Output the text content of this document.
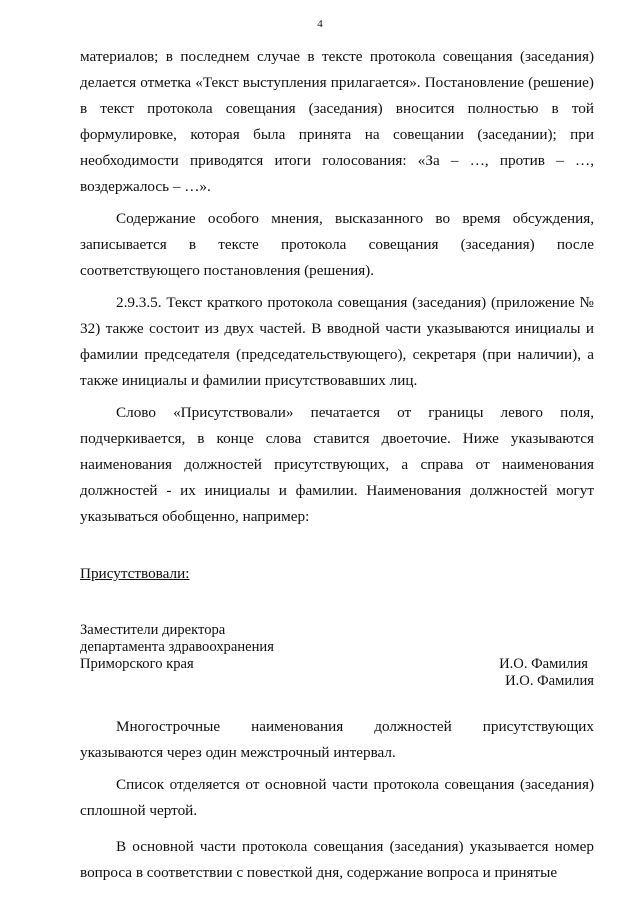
4

материалов; в последнем случае в тексте протокола совещания (заседания) делается отметка «Текст выступления прилагается». Постановление (решение) в текст протокола совещания (заседания) вносится полностью в той формулировке, которая была принята на совещании (заседании); при необходимости приводятся итоги голосования: «За – …, против – …, воздержалось – …».

Содержание особого мнения, высказанного во время обсуждения, записывается в тексте протокола совещания (заседания) после соответствующего постановления (решения).

2.9.3.5. Текст краткого протокола совещания (заседания) (приложение № 32) также состоит из двух частей. В вводной части указываются инициалы и фамилии председателя (председательствующего), секретаря (при наличии), а также инициалы и фамилии присутствовавших лиц.

Слово «Присутствовали» печатается от границы левого поля, подчеркивается, в конце слова ставится двоеточие. Ниже указываются наименования должностей присутствующих, а справа от наименования должностей - их инициалы и фамилии. Наименования должностей могут указываться обобщенно, например:

Присутствовали:
Заместители директора
департамента здравоохранения
Приморского края	И.О. Фамилия
И.О. Фамилия

Многострочные наименования должностей присутствующих указываются через один межстрочный интервал.

Список отделяется от основной части протокола совещания (заседания) сплошной чертой.

В основной части протокола совещания (заседания) указывается номер вопроса в соответствии с повесткой дня, содержание вопроса и принятые
